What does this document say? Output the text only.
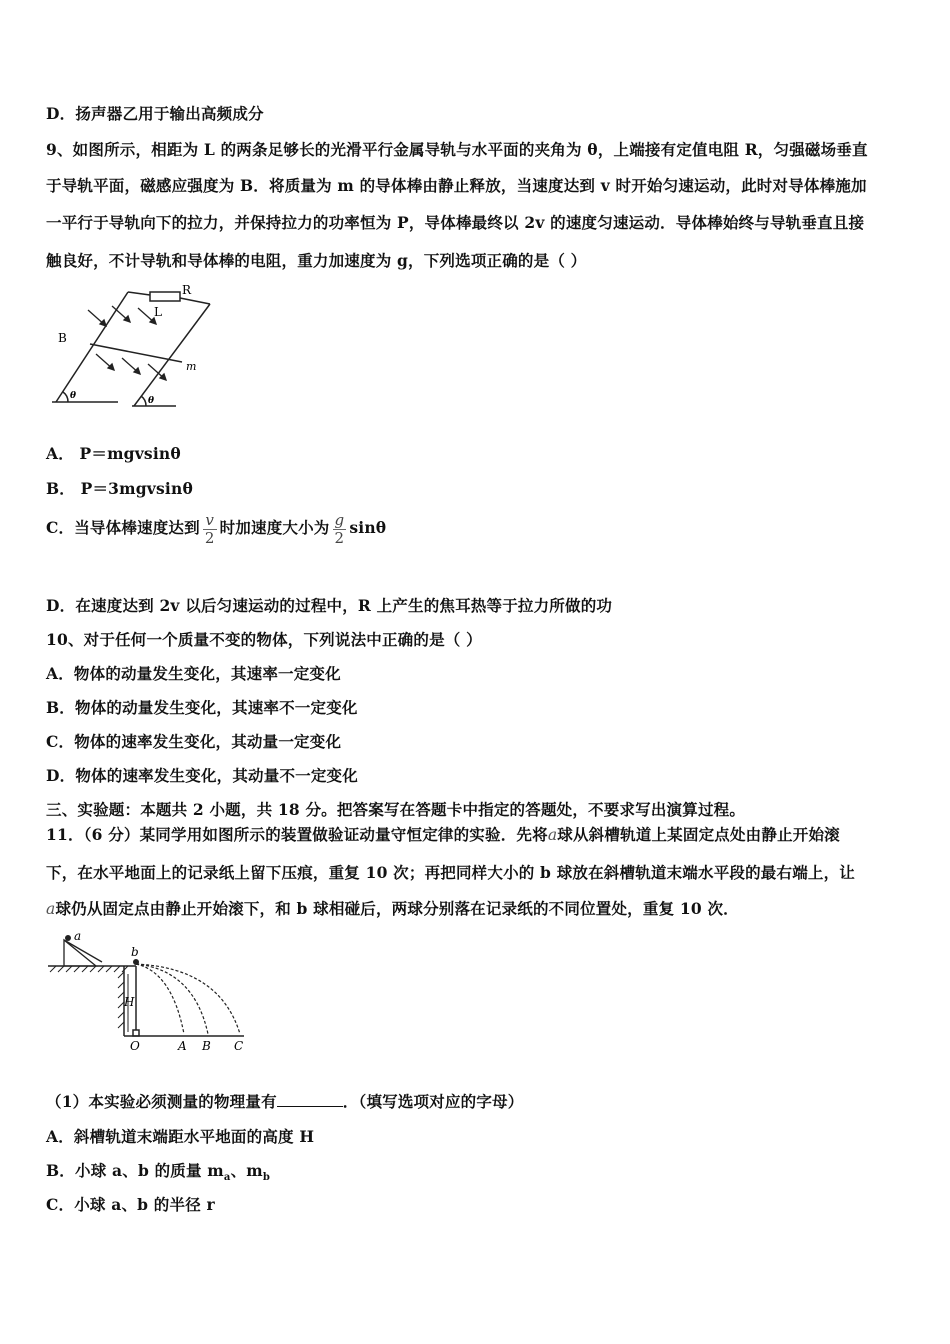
D．扬声器乙用于输出高频成分
9、如图所示，相距为 L 的两条足够长的光滑平行金属导轨与水平面的夹角为 θ，上端接有定值电阻 R，匀强磁场垂直
于导轨平面，磁感应强度为 B．将质量为 m 的导体棒由静止释放，当速度达到 v 时开始匀速运动，此时对导体棒施加
一平行于导轨向下的拉力，并保持拉力的功率恒为 P，导体棒最终以 2v 的速度匀速运动．导体棒始终与导轨垂直且接
触良好，不计导轨和导体棒的电阻，重力加速度为 g，下列选项正确的是（ ）
R
L
B
m
θ	θ
A． P＝mgvsinθ
B． P＝3mgvsinθ
C．当导体棒速度达到 $\frac{v}{2}$ 时加速度大小为 $\frac{g}{2}$ sinθ
D．在速度达到 2v 以后匀速运动的过程中，R 上产生的焦耳热等于拉力所做的功
10、对于任何一个质量不变的物体，下列说法中正确的是（ ）
A．物体的动量发生变化，其速率一定变化
B．物体的动量发生变化，其速率不一定变化
C．物体的速率发生变化，其动量一定变化
D．物体的速率发生变化，其动量不一定变化
三、实验题：本题共 2 小题，共 18 分。把答案写在答题卡中指定的答题处，不要求写出演算过程。
11．（6 分）某同学用如图所示的装置做验证动量守恒定律的实验．先将a球从斜槽轨道上某固定点处由静止开始滚
下，在水平地面上的记录纸上留下压痕，重复 10 次；再把同样大小的 b 球放在斜槽轨道末端水平段的最右端上，让
a球仍从固定点由静止开始滚下，和 b 球相碰后，两球分别落在记录纸的不同位置处，重复 10 次．
a
b
H
O	A B C
（1）本实验必须测量的物理量有	．（填写选项对应的字母）
A．斜槽轨道末端距水平地面的高度 H
B．小球 a、b 的质量 $m_a$、$m_b$
C．小球 a、b 的半径 r
